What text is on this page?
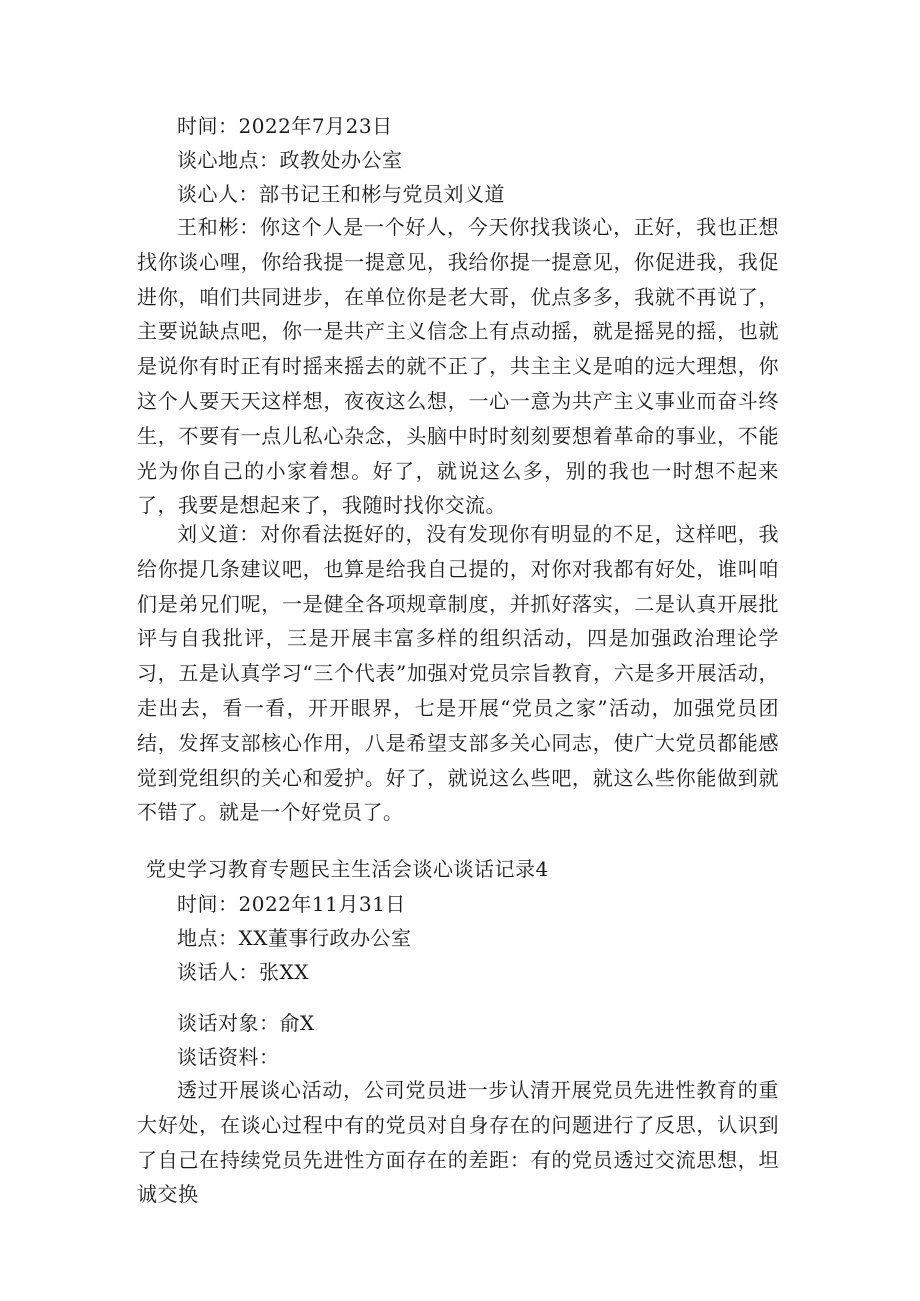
时间：2022年7月23日
谈心地点：政教处办公室
谈心人：部书记王和彬与党员刘义道
王和彬：你这个人是一个好人，今天你找我谈心，正好，我也正想找你谈心哩，你给我提一提意见，我给你提一提意见，你促进我，我促进你，咱们共同进步，在单位你是老大哥，优点多多，我就不再说了，主要说缺点吧，你一是共产主义信念上有点动摇，就是摇晃的摇，也就是说你有时正有时摇来摇去的就不正了，共主主义是咱的远大理想，你这个人要天天这样想，夜夜这么想，一心一意为共产主义事业而奋斗终生，不要有一点儿私心杂念，头脑中时时刻刻要想着革命的事业，不能光为你自己的小家着想。好了，就说这么多，别的我也一时想不起来了，我要是想起来了，我随时找你交流。
刘义道：对你看法挺好的，没有发现你有明显的不足，这样吧，我给你提几条建议吧，也算是给我自己提的，对你对我都有好处，谁叫咱们是弟兄们呢，一是健全各项规章制度，并抓好落实，二是认真开展批评与自我批评，三是开展丰富多样的组织活动，四是加强政治理论学习，五是认真学习“三个代表”加强对党员宗旨教育，六是多开展活动，走出去，看一看，开开眼界，七是开展“党员之家”活动，加强党员团结，发挥支部核心作用，八是希望支部多关心同志，使广大党员都能感觉到党组织的关心和爱护。好了，就说这么些吧，就这么些你能做到就不错了。就是一个好党员了。
党史学习教育专题民主生活会谈心谈话记录4
时间：2022年11月31日
地点：XX董事行政办公室
谈话人：张XX
谈话对象：俞X
谈话资料：
透过开展谈心活动，公司党员进一步认清开展党员先进性教育的重大好处，在谈心过程中有的党员对自身存在的问题进行了反思，认识到了自己在持续党员先进性方面存在的差距：有的党员透过交流思想，坦诚交换
